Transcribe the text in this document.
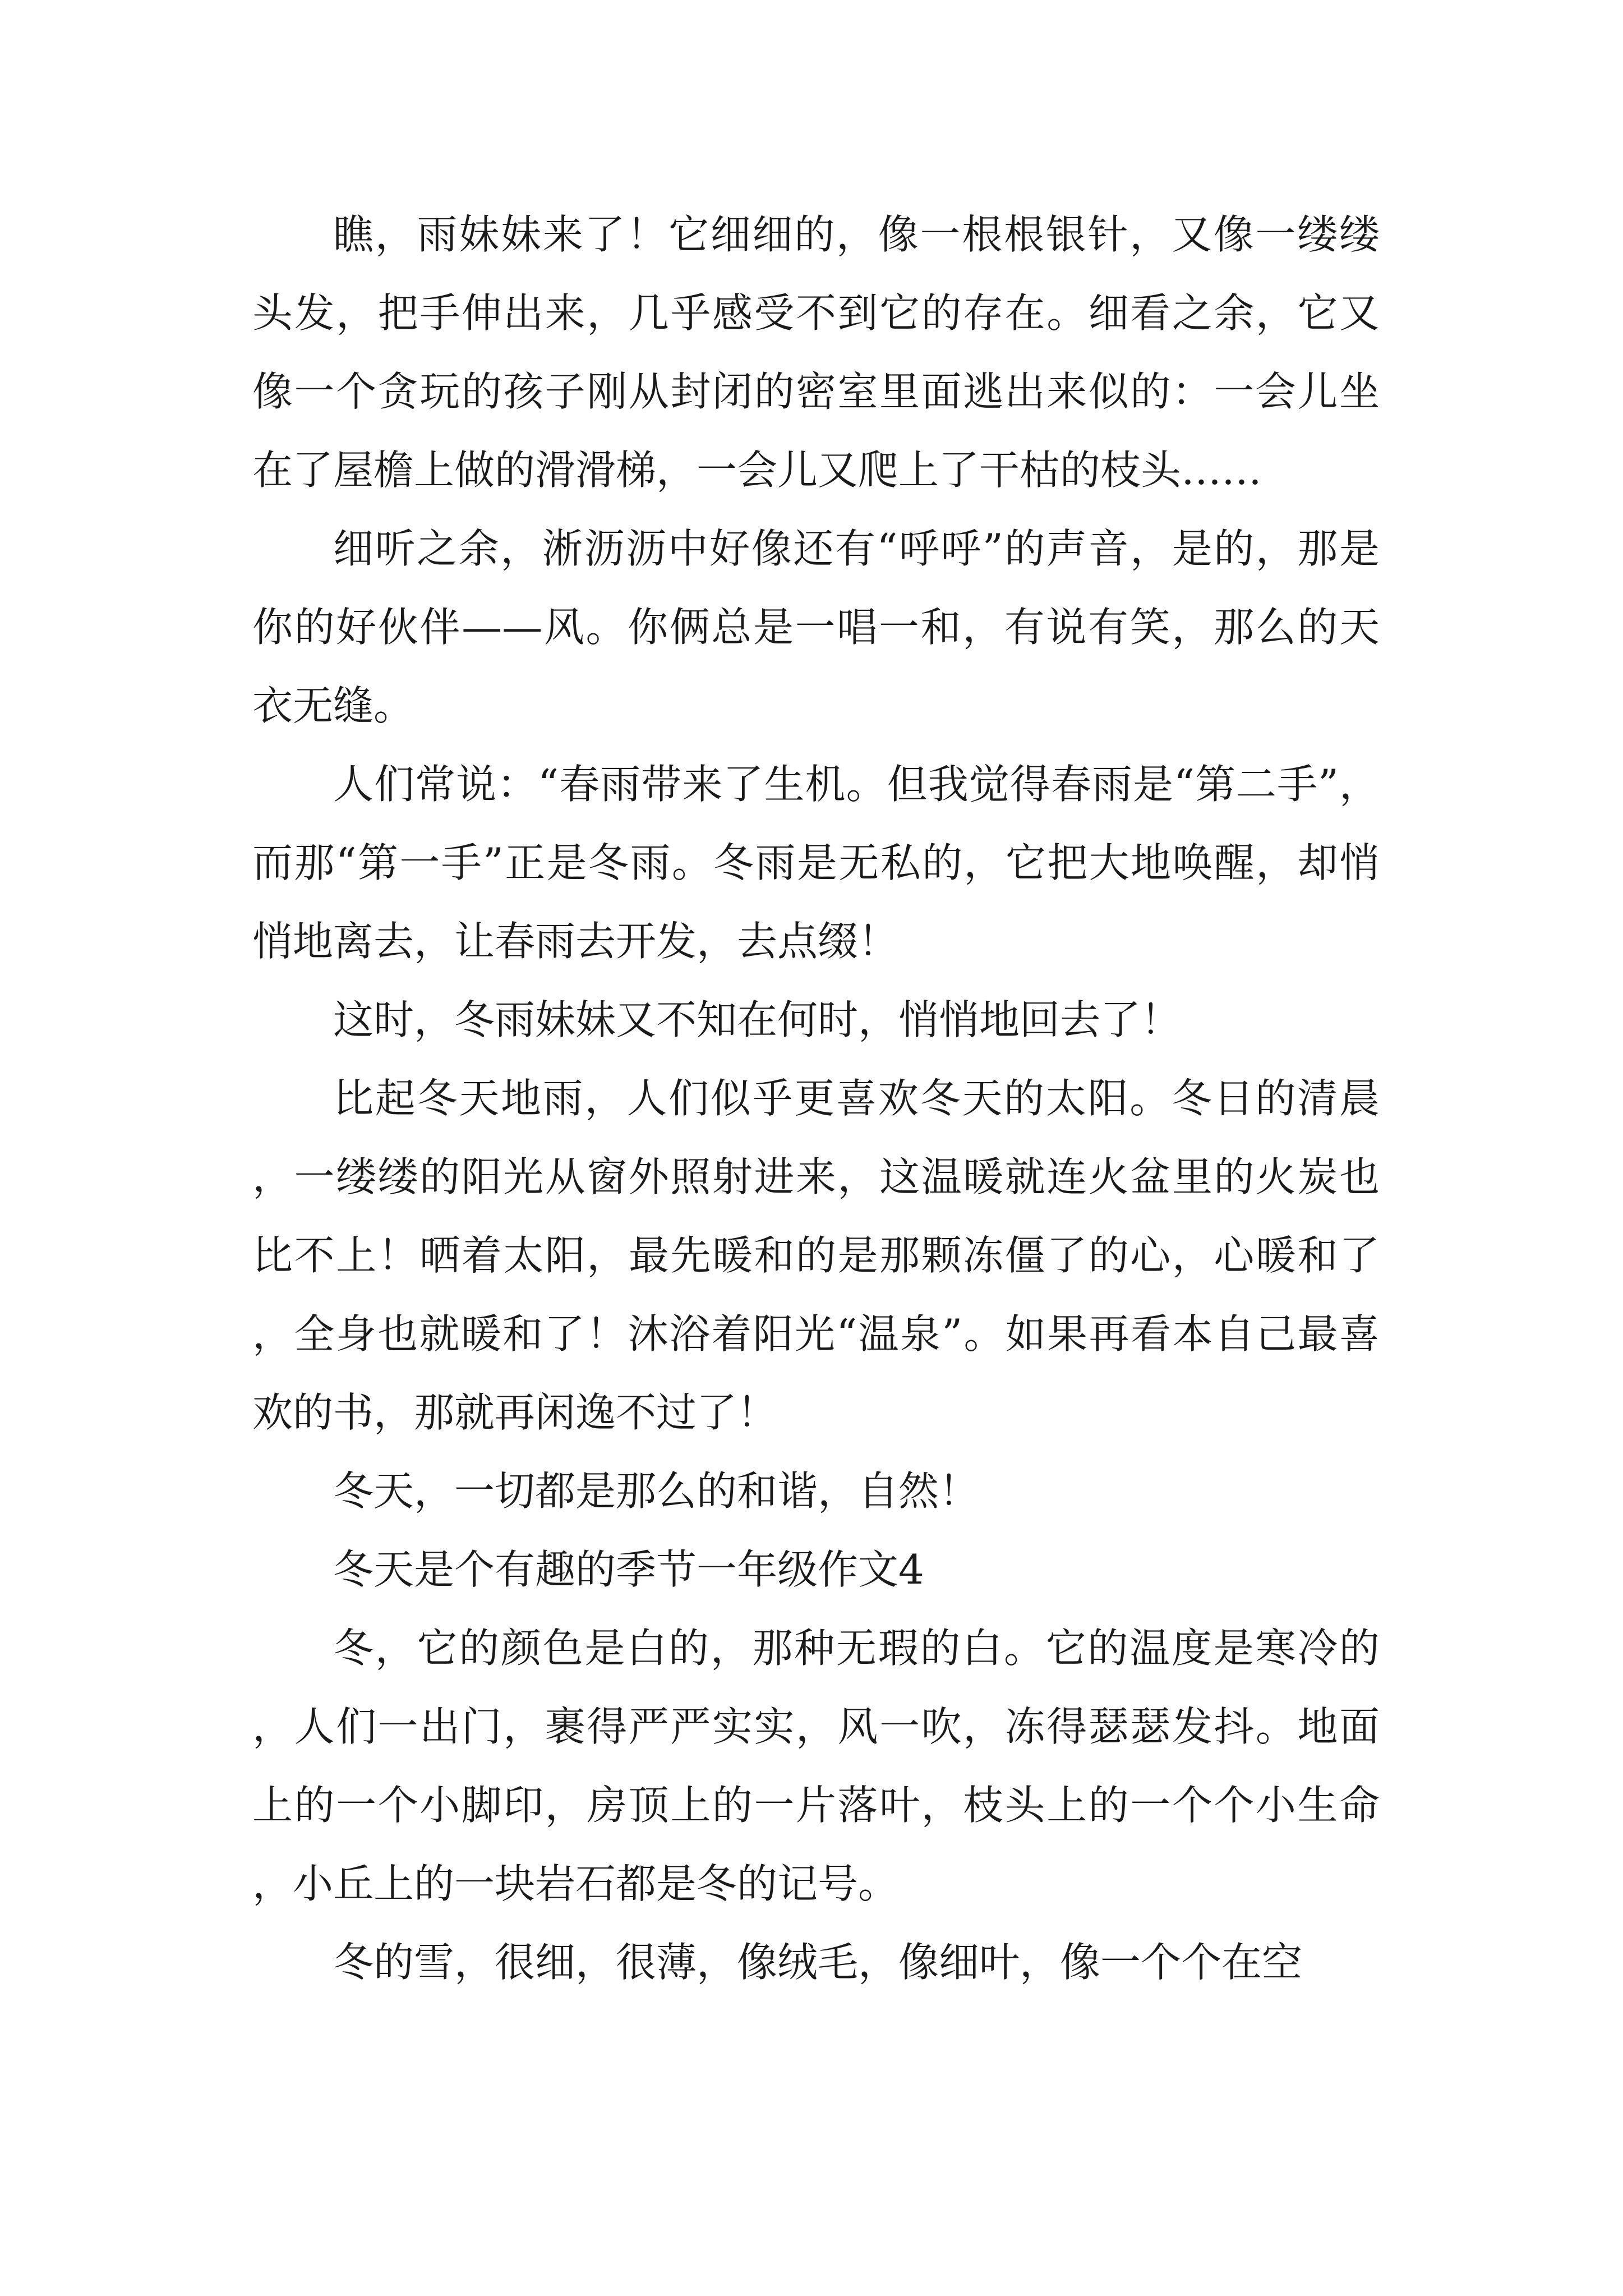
瞧，雨妹妹来了！它细细的，像一根根银针，又像一缕缕头发，把手伸出来，几乎感受不到它的存在。细看之余，它又像一个贪玩的孩子刚从封闭的密室里面逃出来似的：一会儿坐在了屋檐上做的滑滑梯，一会儿又爬上了干枯的枝头……

细听之余，淅沥沥中好像还有“呼呼”的声音，是的，那是你的好伙伴——风。你俩总是一唱一和，有说有笑，那么的天衣无缝。

人们常说：“春雨带来了生机。但我觉得春雨是“第二手”，而那“第一手”正是冬雨。冬雨是无私的，它把大地唤醒，却悄悄地离去，让春雨去开发，去点缀！

这时，冬雨妹妹又不知在何时，悄悄地回去了！

比起冬天地雨，人们似乎更喜欢冬天的太阳。冬日的清晨，一缕缕的阳光从窗外照射进来，这温暖就连火盆里的火炭也比不上！晒着太阳，最先暖和的是那颗冻僵了的心，心暖和了，全身也就暖和了！沐浴着阳光“温泉”。如果再看本自己最喜欢的书，那就再闲逸不过了！

冬天，一切都是那么的和谐，自然！

冬天是个有趣的季节一年级作文4

冬，它的颜色是白的，那种无瑕的白。它的温度是寒冷的，人们一出门，裹得严严实实，风一吹，冻得瑟瑟发抖。地面上的一个小脚印，房顶上的一片落叶，枝头上的一个个小生命，小丘上的一块岩石都是冬的记号。

冬的雪，很细，很薄，像绒毛，像细叶，像一个个在空
